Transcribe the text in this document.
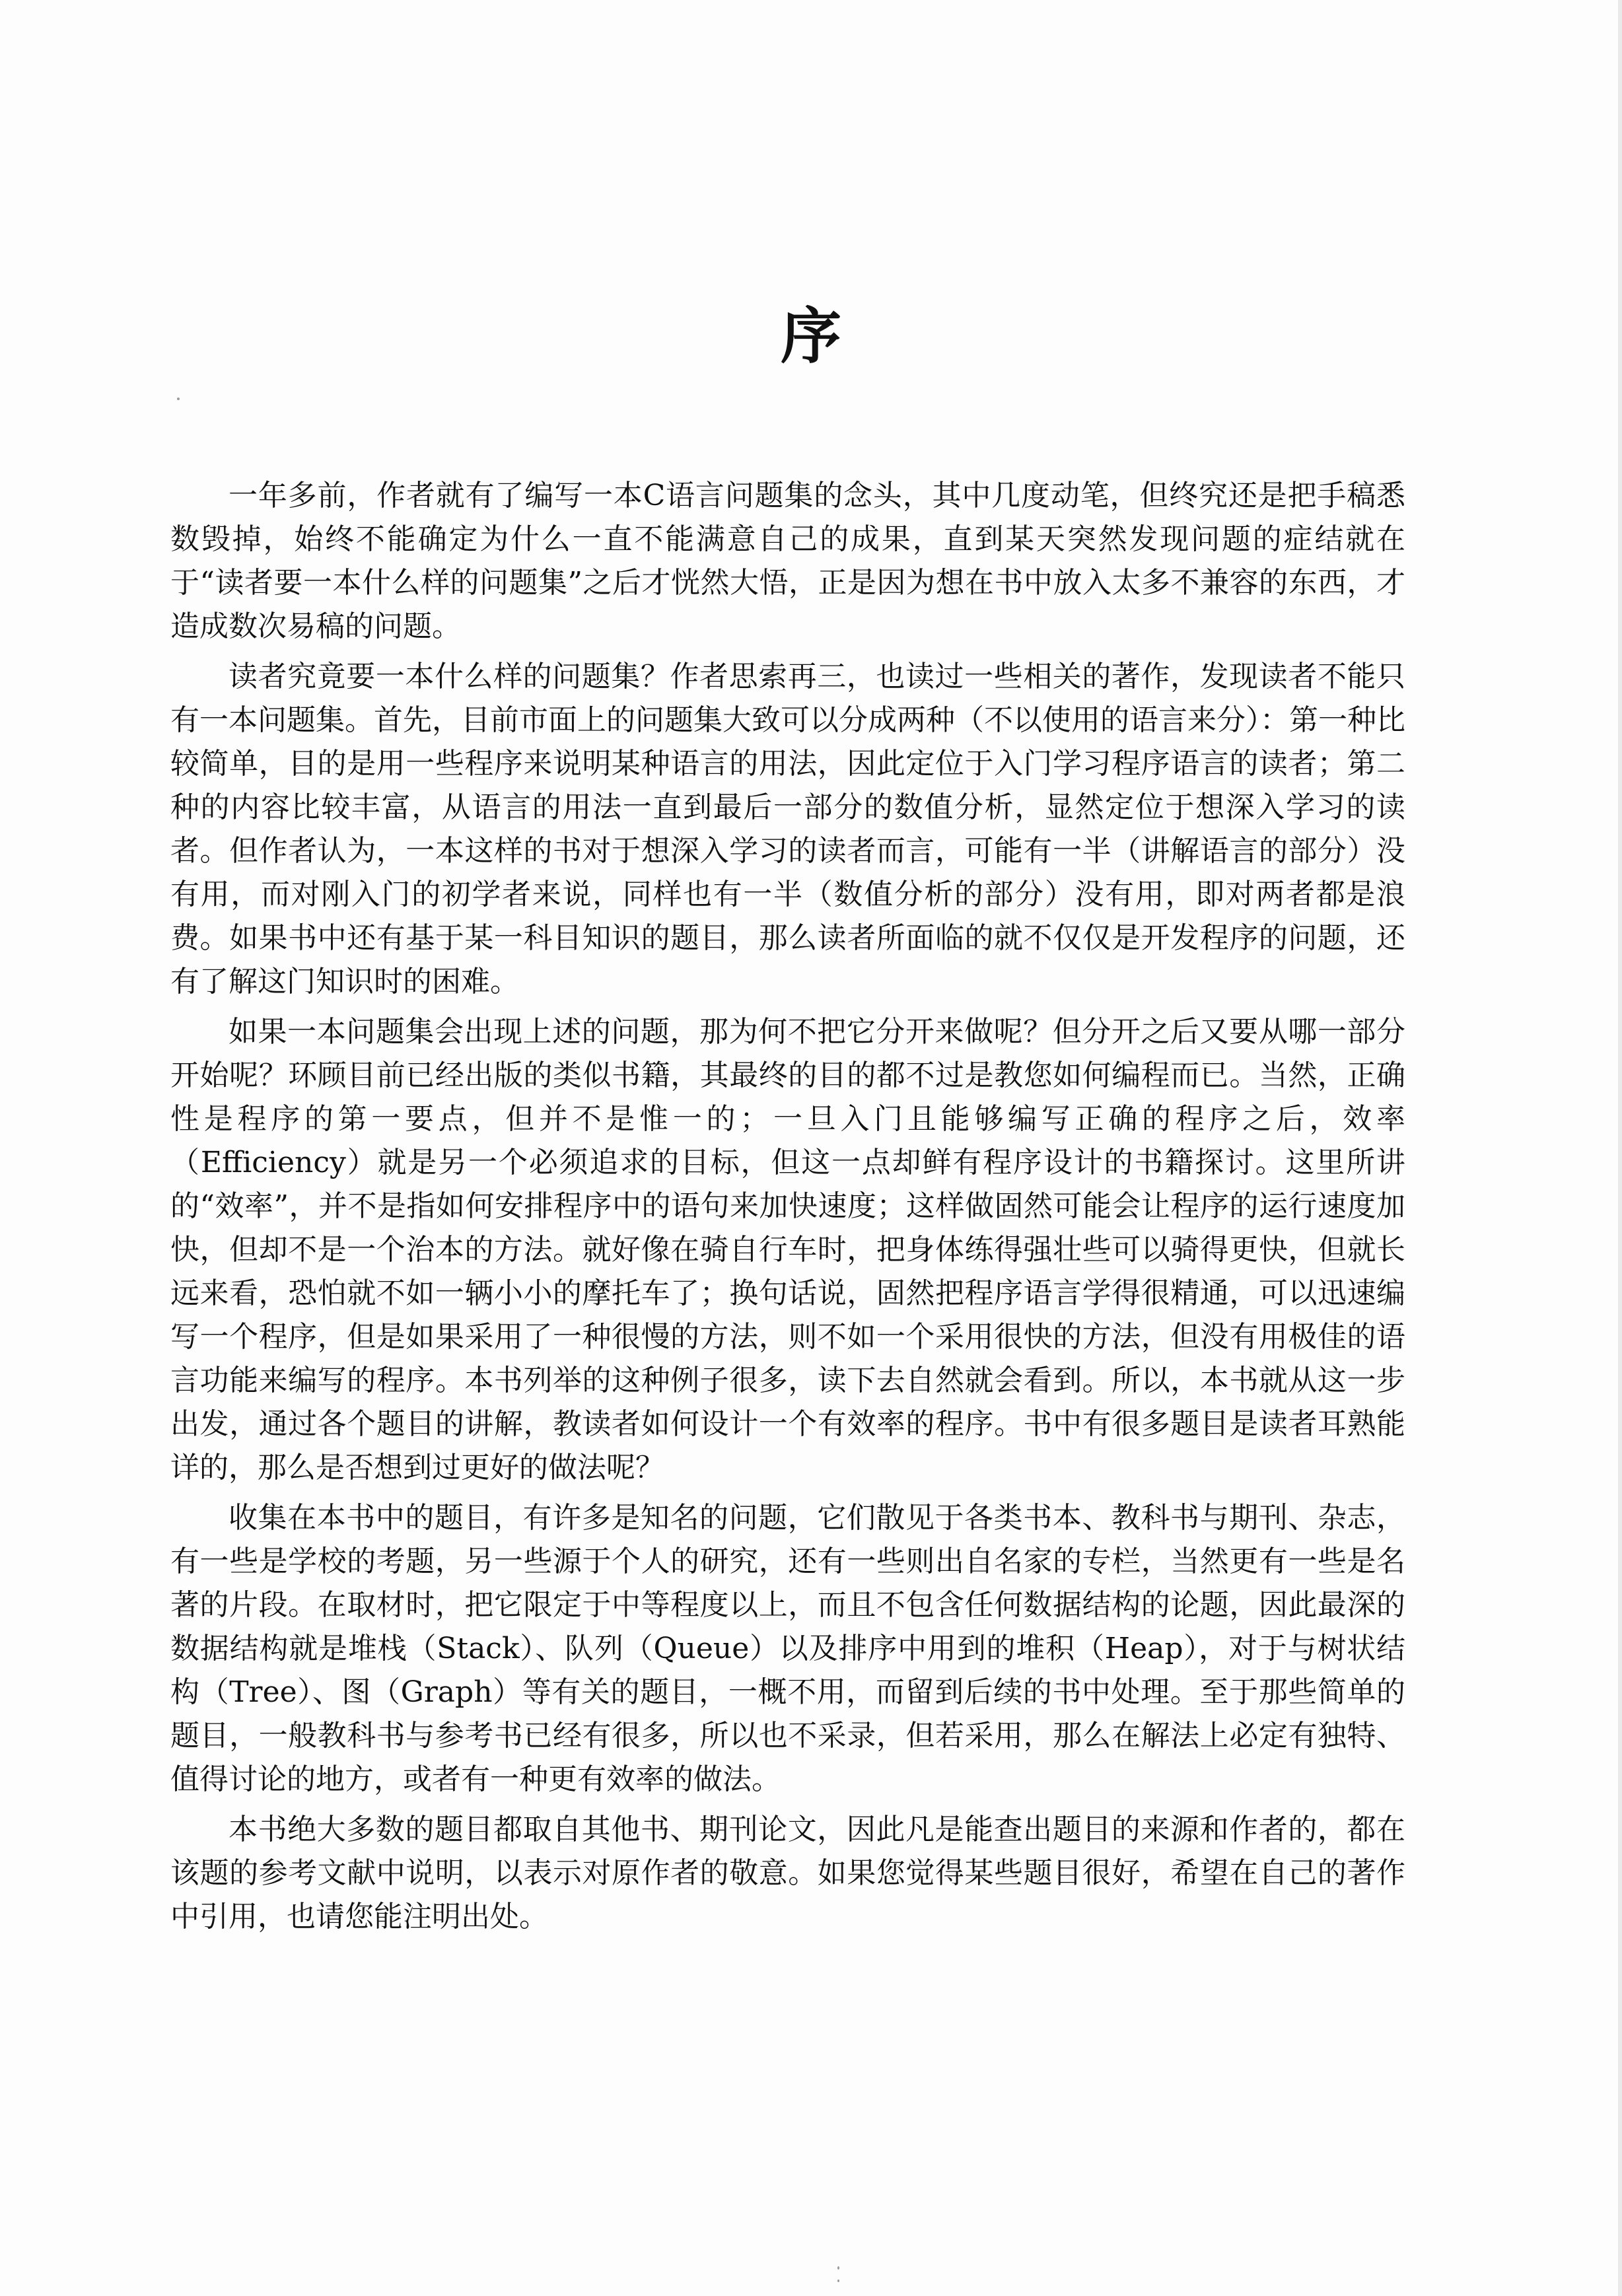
序

一年多前，作者就有了编写一本C语言问题集的念头，其中几度动笔，但终究还是把手稿悉数毁掉，始终不能确定为什么一直不能满意自己的成果，直到某天突然发现问题的症结就在于“读者要一本什么样的问题集”之后才恍然大悟，正是因为想在书中放入太多不兼容的东西，才造成数次易稿的问题。

读者究竟要一本什么样的问题集？作者思索再三，也读过一些相关的著作，发现读者不能只有一本问题集。首先，目前市面上的问题集大致可以分成两种（不以使用的语言来分）：第一种比较简单，目的是用一些程序来说明某种语言的用法，因此定位于入门学习程序语言的读者；第二种的内容比较丰富，从语言的用法一直到最后一部分的数值分析，显然定位于想深入学习的读者。但作者认为，一本这样的书对于想深入学习的读者而言，可能有一半（讲解语言的部分）没有用，而对刚入门的初学者来说，同样也有一半（数值分析的部分）没有用，即对两者都是浪费。如果书中还有基于某一科目知识的题目，那么读者所面临的就不仅仅是开发程序的问题，还有了解这门知识时的困难。

如果一本问题集会出现上述的问题，那为何不把它分开来做呢？但分开之后又要从哪一部分开始呢？环顾目前已经出版的类似书籍，其最终的目的都不过是教您如何编程而已。当然，正确性是程序的第一要点，但并不是惟一的；一旦入门且能够编写正确的程序之后，效率（Efficiency）就是另一个必须追求的目标，但这一点却鲜有程序设计的书籍探讨。这里所讲的“效率”，并不是指如何安排程序中的语句来加快速度；这样做固然可能会让程序的运行速度加快，但却不是一个治本的方法。就好像在骑自行车时，把身体练得强壮些可以骑得更快，但就长远来看，恐怕就不如一辆小小的摩托车了；换句话说，固然把程序语言学得很精通，可以迅速编写一个程序，但是如果采用了一种很慢的方法，则不如一个采用很快的方法，但没有用极佳的语言功能来编写的程序。本书列举的这种例子很多，读下去自然就会看到。所以，本书就从这一步出发，通过各个题目的讲解，教读者如何设计一个有效率的程序。书中有很多题目是读者耳熟能详的，那么是否想到过更好的做法呢？

收集在本书中的题目，有许多是知名的问题，它们散见于各类书本、教科书与期刊、杂志，有一些是学校的考题，另一些源于个人的研究，还有一些则出自名家的专栏，当然更有一些是名著的片段。在取材时，把它限定于中等程度以上，而且不包含任何数据结构的论题，因此最深的数据结构就是堆栈（Stack）、队列（Queue）以及排序中用到的堆积（Heap），对于与树状结构（Tree）、图（Graph）等有关的题目，一概不用，而留到后续的书中处理。至于那些简单的题目，一般教科书与参考书已经有很多，所以也不采录，但若采用，那么在解法上必定有独特、值得讨论的地方，或者有一种更有效率的做法。

本书绝大多数的题目都取自其他书、期刊论文，因此凡是能查出题目的来源和作者的，都在该题的参考文献中说明，以表示对原作者的敬意。如果您觉得某些题目很好，希望在自己的著作中引用，也请您能注明出处。
